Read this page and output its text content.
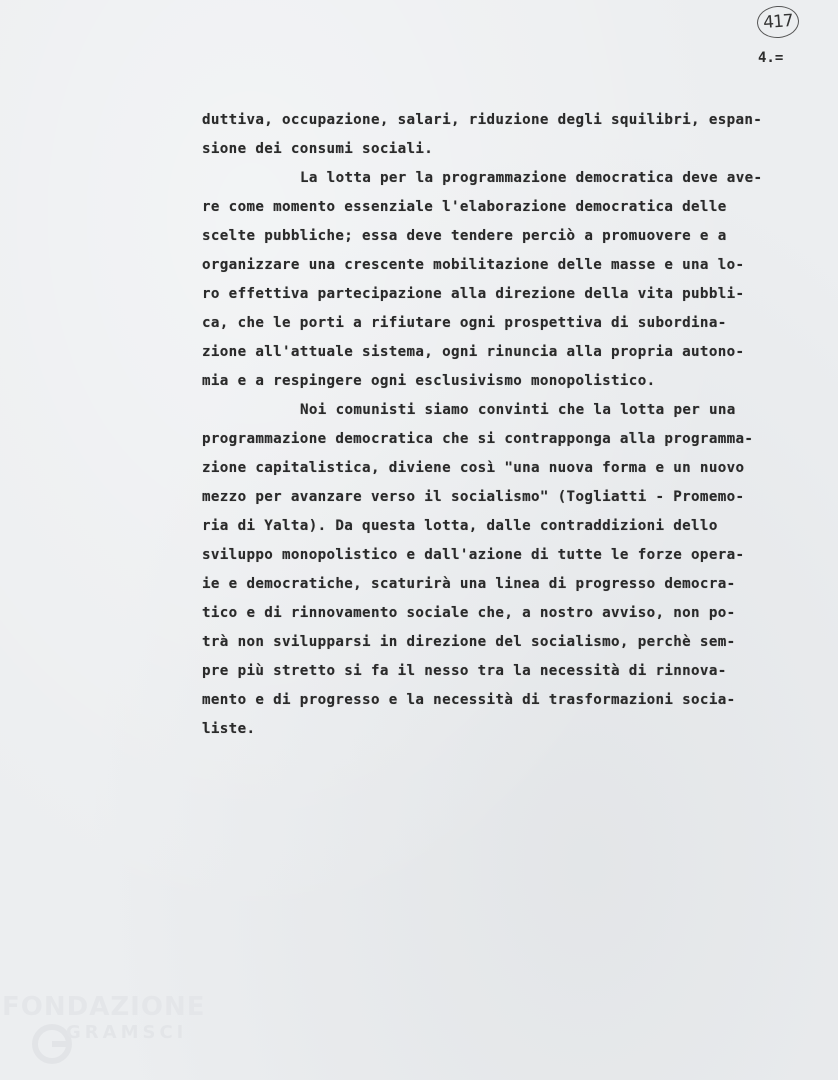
417
4.=
duttiva, occupazione, salari, riduzione degli squilibri, espan-
sione dei consumi sociali.
La lotta per la programmazione democratica deve ave-
re come momento essenziale l'elaborazione democratica delle
scelte pubbliche; essa deve tendere perciò a promuovere e a
organizzare una crescente mobilitazione delle masse e una lo-
ro effettiva partecipazione alla direzione della vita pubbli-
ca, che le porti a rifiutare ogni prospettiva di subordina-
zione all'attuale sistema, ogni rinuncia alla propria autono-
mia e a respingere ogni esclusivismo monopolistico.
Noi comunisti siamo convinti che la lotta per una
programmazione democratica che si contrapponga alla programma-
zione capitalistica, diviene così "una nuova forma e un nuovo
mezzo per avanzare verso il socialismo" (Togliatti - Promemo-
ria di Yalta). Da questa lotta, dalle contraddizioni dello
sviluppo monopolistico e dall'azione di tutte le forze opera-
ie e democratiche, scaturirà una linea di progresso democra-
tico e di rinnovamento sociale che, a nostro avviso, non po-
trà non svilupparsi in direzione del socialismo, perchè sem-
pre più stretto si fa il nesso tra la necessità di rinnova-
mento e di progresso e la necessità di trasformazioni socia-
liste.
FONDAZIONE
GRAMSCI
